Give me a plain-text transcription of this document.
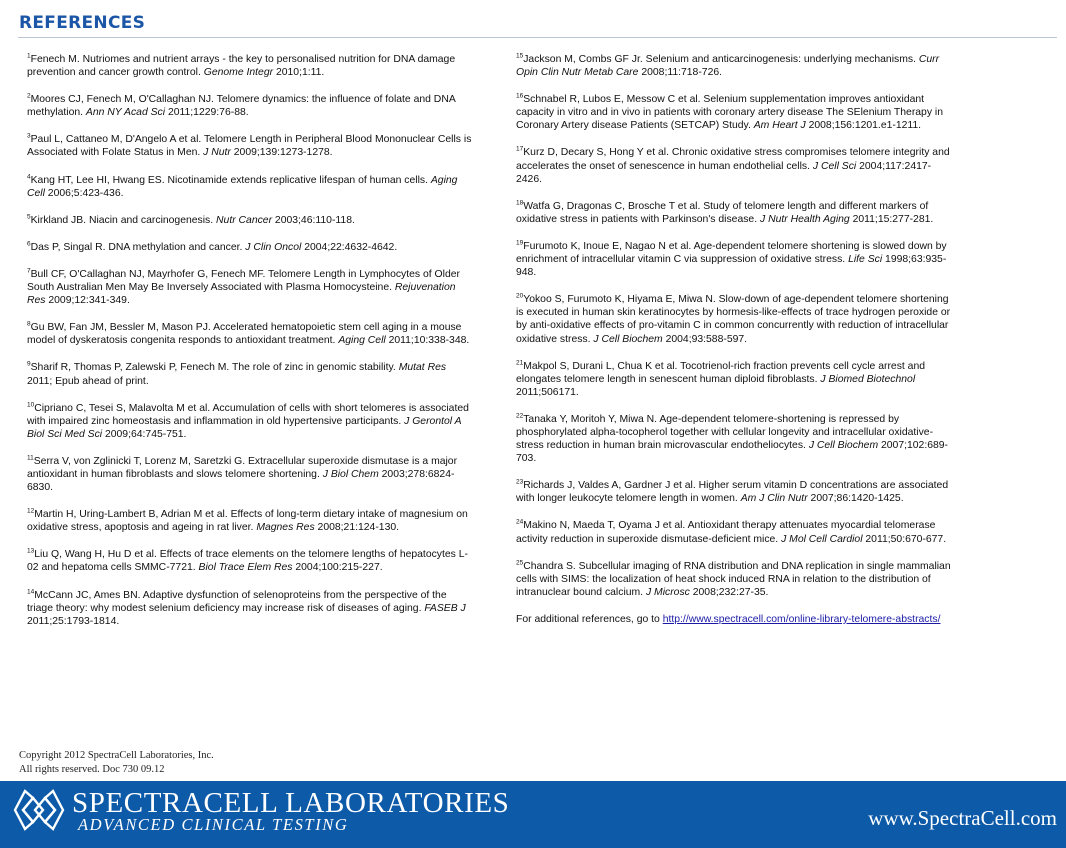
REFERENCES

$^1$Fenech M. Nutriomes and nutrient arrays - the key to personalised nutrition for DNA damage prevention and cancer growth control. Genome Integr 2010;1:11.

$^2$Moores CJ, Fenech M, O'Callaghan NJ. Telomere dynamics: the influence of folate and DNA methylation. Ann NY Acad Sci 2011;1229:76-88.

$^3$Paul L, Cattaneo M, D'Angelo A et al. Telomere Length in Peripheral Blood Mononuclear Cells is Associated with Folate Status in Men. J Nutr 2009;139:1273-1278.

$^4$Kang HT, Lee HI, Hwang ES. Nicotinamide extends replicative lifespan of human cells. Aging Cell 2006;5:423-436.

$^5$Kirkland JB. Niacin and carcinogenesis. Nutr Cancer 2003;46:110-118.

$^6$Das P, Singal R. DNA methylation and cancer. J Clin Oncol 2004;22:4632-4642.

$^7$Bull CF, O'Callaghan NJ, Mayrhofer G, Fenech MF. Telomere Length in Lymphocytes of Older South Australian Men May Be Inversely Associated with Plasma Homocysteine. Rejuvenation Res 2009;12:341-349.

$^8$Gu BW, Fan JM, Bessler M, Mason PJ. Accelerated hematopoietic stem cell aging in a mouse model of dyskeratosis congenita responds to antioxidant treatment. Aging Cell 2011;10:338-348.

$^9$Sharif R, Thomas P, Zalewski P, Fenech M. The role of zinc in genomic stability. Mutat Res 2011; Epub ahead of print.

$^{10}$Cipriano C, Tesei S, Malavolta M et al. Accumulation of cells with short telomeres is associated with impaired zinc homeostasis and inflammation in old hypertensive participants. J Gerontol A Biol Sci Med Sci 2009;64:745-751.

$^{11}$Serra V, von Zglinicki T, Lorenz M, Saretzki G. Extracellular superoxide dismutase is a major antioxidant in human fibroblasts and slows telomere shortening. J Biol Chem 2003;278:6824-6830.

$^{12}$Martin H, Uring-Lambert B, Adrian M et al. Effects of long-term dietary intake of magnesium on oxidative stress, apoptosis and ageing in rat liver. Magnes Res 2008;21:124-130.

$^{13}$Liu Q, Wang H, Hu D et al. Effects of trace elements on the telomere lengths of hepatocytes L-02 and hepatoma cells SMMC-7721. Biol Trace Elem Res 2004;100:215-227.

$^{14}$McCann JC, Ames BN. Adaptive dysfunction of selenoproteins from the perspective of the triage theory: why modest selenium deficiency may increase risk of diseases of aging. FASEB J 2011;25:1793-1814.

$^{15}$Jackson M, Combs GF Jr. Selenium and anticarcinogenesis: underlying mechanisms. Curr Opin Clin Nutr Metab Care 2008;11:718-726.

$^{16}$Schnabel R, Lubos E, Messow C et al. Selenium supplementation improves antioxidant capacity in vitro and in vivo in patients with coronary artery disease The SElenium Therapy in Coronary Artery disease Patients (SETCAP) Study. Am Heart J 2008;156:1201.e1-1211.

$^{17}$Kurz D, Decary S, Hong Y et al. Chronic oxidative stress compromises telomere integrity and accelerates the onset of senescence in human endothelial cells. J Cell Sci 2004;117:2417-2426.

$^{18}$Watfa G, Dragonas C, Brosche T et al. Study of telomere length and different markers of oxidative stress in patients with Parkinson's disease. J Nutr Health Aging 2011;15:277-281.

$^{19}$Furumoto K, Inoue E, Nagao N et al. Age-dependent telomere shortening is slowed down by enrichment of intracellular vitamin C via suppression of oxidative stress. Life Sci 1998;63:935-948.

$^{20}$Yokoo S, Furumoto K, Hiyama E, Miwa N. Slow-down of age-dependent telomere shortening is executed in human skin keratinocytes by hormesis-like-effects of trace hydrogen peroxide or by anti-oxidative effects of pro-vitamin C in common concurrently with reduction of intracellular oxidative stress. J Cell Biochem 2004;93:588-597.

$^{21}$Makpol S, Durani L, Chua K et al. Tocotrienol-rich fraction prevents cell cycle arrest and elongates telomere length in senescent human diploid fibroblasts. J Biomed Biotechnol 2011;506171.

$^{22}$Tanaka Y, Moritoh Y, Miwa N. Age-dependent telomere-shortening is repressed by phosphorylated alpha-tocopherol together with cellular longevity and intracellular oxidative-stress reduction in human brain microvascular endotheliocytes. J Cell Biochem 2007;102:689-703.

$^{23}$Richards J, Valdes A, Gardner J et al. Higher serum vitamin D concentrations are associated with longer leukocyte telomere length in women. Am J Clin Nutr 2007;86:1420-1425.

$^{24}$Makino N, Maeda T, Oyama J et al. Antioxidant therapy attenuates myocardial telomerase activity reduction in superoxide dismutase-deficient mice. J Mol Cell Cardiol 2011;50:670-677.

$^{25}$Chandra S. Subcellular imaging of RNA distribution and DNA replication in single mammalian cells with SIMS: the localization of heat shock induced RNA in relation to the distribution of intranuclear bound calcium. J Microsc 2008;232:27-35.

For additional references, go to http://www.spectracell.com/online-library-telomere-abstracts/

Copyright 2012 SpectraCell Laboratories, Inc.
All rights reserved. Doc 730 09.12

SPECTRACELL LABORATORIES

ADVANCED CLINICAL TESTING	www.SpectraCell.com
